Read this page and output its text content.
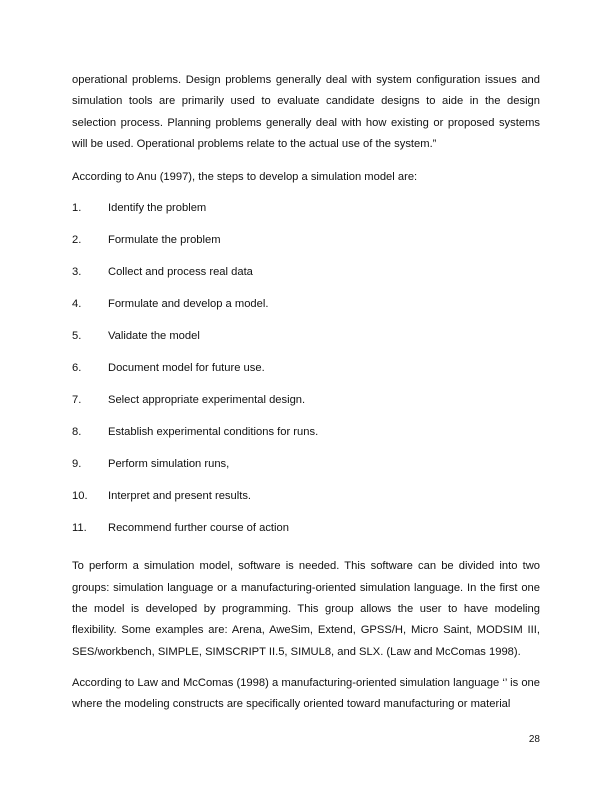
operational problems. Design problems generally deal with system configuration issues and simulation tools are primarily used to evaluate candidate designs to aide in the design selection process. Planning problems generally deal with how existing or proposed systems will be used. Operational problems relate to the actual use of the system.”

According to Anu (1997), the steps to develop a simulation model are:

1.	Identify the problem
2.	Formulate the problem
3.	Collect and process real data
4.	Formulate and develop a model.
5.	Validate the model
6.	Document model for future use.
7.	Select appropriate experimental design.
8.	Establish experimental conditions for runs.
9.	Perform simulation runs,
10.	Interpret and present results.
11.	Recommend further course of action

To perform a simulation model, software is needed. This software can be divided into two groups: simulation language or a manufacturing-oriented simulation language. In the first one the model is developed by programming. This group allows the user to have modeling flexibility. Some examples are: Arena, AweSim, Extend, GPSS/H, Micro Saint, MODSIM III, SES/workbench, SIMPLE, SIMSCRIPT II.5, SIMUL8, and SLX. (Law and McComas 1998).

According to Law and McComas (1998) a manufacturing-oriented simulation language ‘’ is one where the modeling constructs are specifically oriented toward manufacturing or material

28
